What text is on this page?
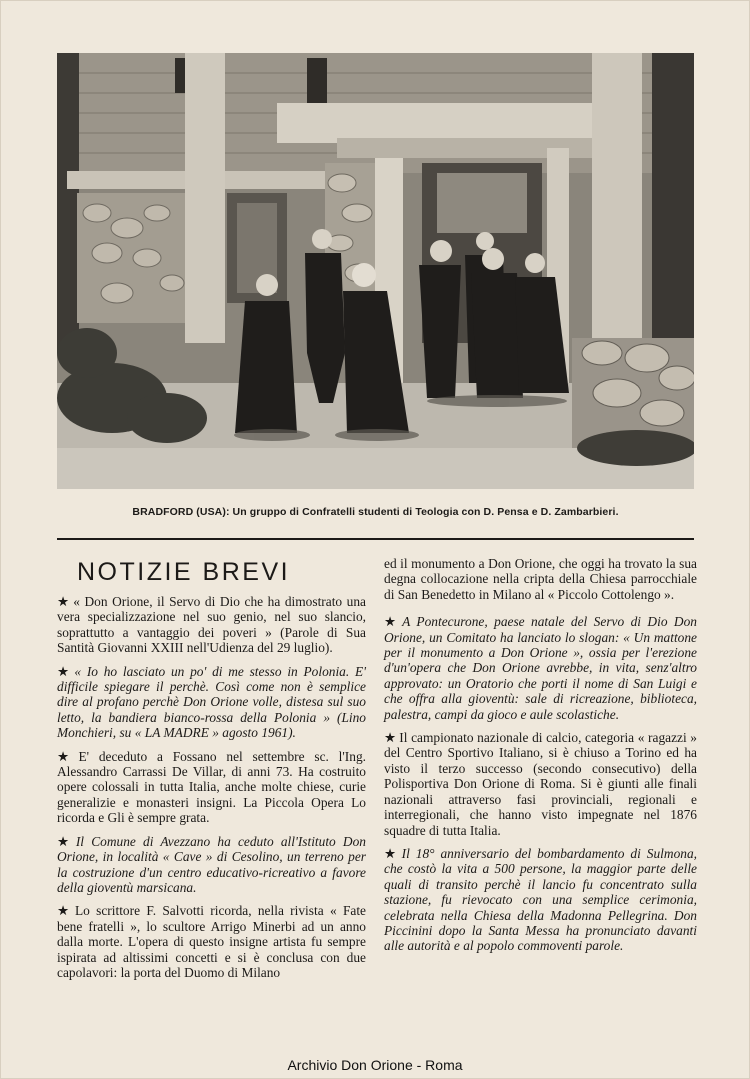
BRADFORD (USA): Un gruppo di Confratelli studenti di Teologia con D. Pensa e D. Zambarbieri.
NOTIZIE BREVI

★ « Don Orione, il Servo di Dio che ha dimostrato una vera specializzazione nel suo genio, nel suo slancio, soprattutto a vantaggio dei poveri » (Parole di Sua Santità Giovanni XXIII nell'Udienza del 29 luglio).

★ « Io ho lasciato un po' di me stesso in Polonia. E' difficile spiegare il perchè. Così come non è semplice dire al profano perchè Don Orione volle, distesa sul suo letto, la bandiera bianco-rossa della Polonia » (Lino Monchieri, su « LA MADRE » agosto 1961).

★ E' deceduto a Fossano nel settembre sc. l'Ing. Alessandro Carrassi De Villar, di anni 73. Ha costruito opere colossali in tutta Italia, anche molte chiese, curie generalizie e monasteri insigni. La Piccola Opera Lo ricorda e Gli è sempre grata.

★ Il Comune di Avezzano ha ceduto all'Istituto Don Orione, in località « Cave » di Cesolino, un terreno per la costruzione d'un centro educativo-ricreativo a favore della gioventù marsicana.

★ Lo scrittore F. Salvotti ricorda, nella rivista « Fate bene fratelli », lo scultore Arrigo Minerbi ad un anno dalla morte. L'opera di questo insigne artista fu sempre ispirata ad altissimi concetti e si è conclusa con due capolavori: la porta del Duomo di Milano

ed il monumento a Don Orione, che oggi ha trovato la sua degna collocazione nella cripta della Chiesa parrocchiale di San Benedetto in Milano al « Piccolo Cottolengo ».

★ A Pontecurone, paese natale del Servo di Dio Don Orione, un Comitato ha lanciato lo slogan: « Un mattone per il monumento a Don Orione », ossia per l'erezione d'un'opera che Don Orione avrebbe, in vita, senz'altro approvato: un Oratorio che porti il nome di San Luigi e che offra alla gioventù: sale di ricreazione, biblioteca, palestra, campi da gioco e aule scolastiche.

★ Il campionato nazionale di calcio, categoria « ragazzi » del Centro Sportivo Italiano, si è chiuso a Torino ed ha visto il terzo successo (secondo consecutivo) della Polisportiva Don Orione di Roma. Si è giunti alle finali nazionali attraverso fasi provinciali, regionali e interregionali, che hanno visto impegnate nel 1876 squadre di tutta Italia.

★ Il 18° anniversario del bombardamento di Sulmona, che costò la vita a 500 persone, la maggior parte delle quali di transito perchè il lancio fu concentrato sulla stazione, fu rievocato con una semplice cerimonia, celebrata nella Chiesa della Madonna Pellegrina. Don Piccinini dopo la Santa Messa ha pronunciato davanti alle autorità e al popolo commoventi parole.

Archivio Don Orione - Roma
